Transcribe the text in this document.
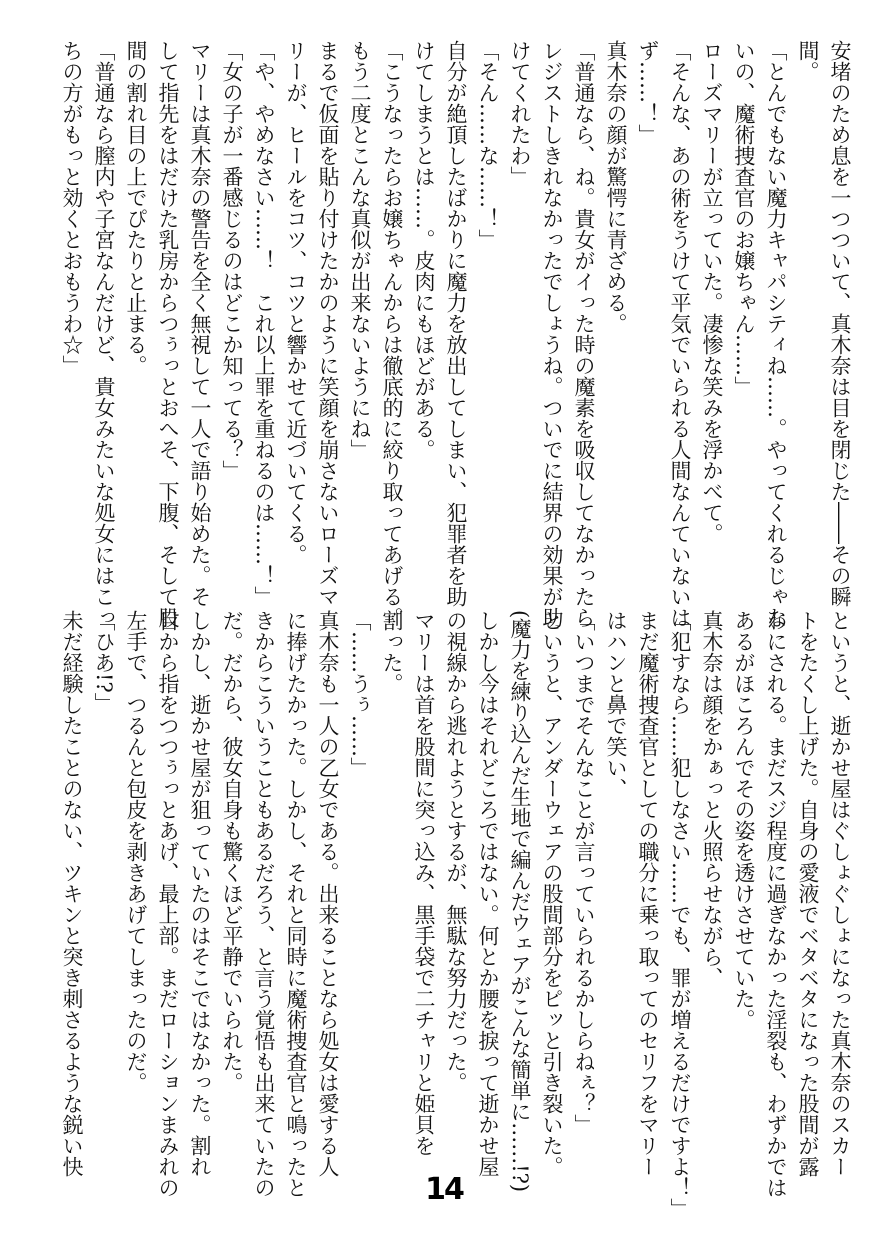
安堵のため息を一つついて、真木奈は目を閉じた――その瞬
間。
「とんでもない魔力キャパシティね……。やってくれるじゃな
いの、魔術捜査官のお嬢ちゃん……」
ローズマリーが立っていた。凄惨な笑みを浮かべて。
「そんな、あの術をうけて平気でいられる人間なんていないは
ず……！」
真木奈の顔が驚愕に青ざめる。
「普通なら、ね。貴女がイった時の魔素を吸収してなかったら
レジストしきれなかったでしょうね。ついでに結界の効果が助
けてくれたわ」
「そん……な……！」
自分が絶頂したばかりに魔力を放出してしまい、犯罪者を助
けてしまうとは……。皮肉にもほどがある。
「こうなったらお嬢ちゃんからは徹底的に絞り取ってあげる。
もう二度とこんな真似が出来ないようにね」
まるで仮面を貼り付けたかのように笑顔を崩さないローズマ
リーが、ヒールをコツ、コツと響かせて近づいてくる。
「や、やめなさい……！　これ以上罪を重ねるのは……！」
「女の子が一番感じるのはどこか知ってる？」
マリーは真木奈の警告を全く無視して一人で語り始めた。そ
して指先をはだけた乳房からつぅっとおへそ、下腹、そして股
間の割れ目の上でぴたりと止まる。
「普通なら膣内や子宮なんだけど、貴女みたいな処女にはこっ
ちの方がもっと効くとおもうわ☆」
というと、逝かせ屋はぐしょぐしょになった真木奈のスカー
トをたくし上げた。自身の愛液でベタベタになった股間が露
わにされる。まだスジ程度に過ぎなかった淫裂も、わずかでは
あるがほころんでその姿を透けさせていた。
真木奈は顔をかぁっと火照らせながら、
「犯すなら……犯しなさい……でも、罪が増えるだけですよ！」
まだ魔術捜査官としての職分に乗っ取ってのセリフをマリー
はハンと鼻で笑い、
「いつまでそんなことが言っていられるかしらねぇ？」
というと、アンダーウェアの股間部分をピッと引き裂いた。
(魔力を練り込んだ生地で編んだウェアがこんな簡単に……!?)
しかし今はそれどころではない。何とか腰を捩って逝かせ屋
の視線から逃れようとするが、無駄な努力だった。
マリーは首を股間に突っ込み、黒手袋で二チャリと姫貝を
割った。
「……うぅ……」
真木奈も一人の乙女である。出来ることなら処女は愛する人
に捧げたかった。しかし、それと同時に魔術捜査官と鳴ったと
きからこういうこともあるだろう、と言う覚悟も出来ていたの
だ。だから、彼女自身も驚くほど平静でいられた。
しかし、逝かせ屋が狙っていたのはそこではなかった。割れ
目から指をつつぅっとあげ、最上部。まだローションまみれの
左手で、つるんと包皮を剥きあげてしまったのだ。
「ひあ!?」
未だ経験したことのない、ツキンと突き刺さるような鋭い快
14
